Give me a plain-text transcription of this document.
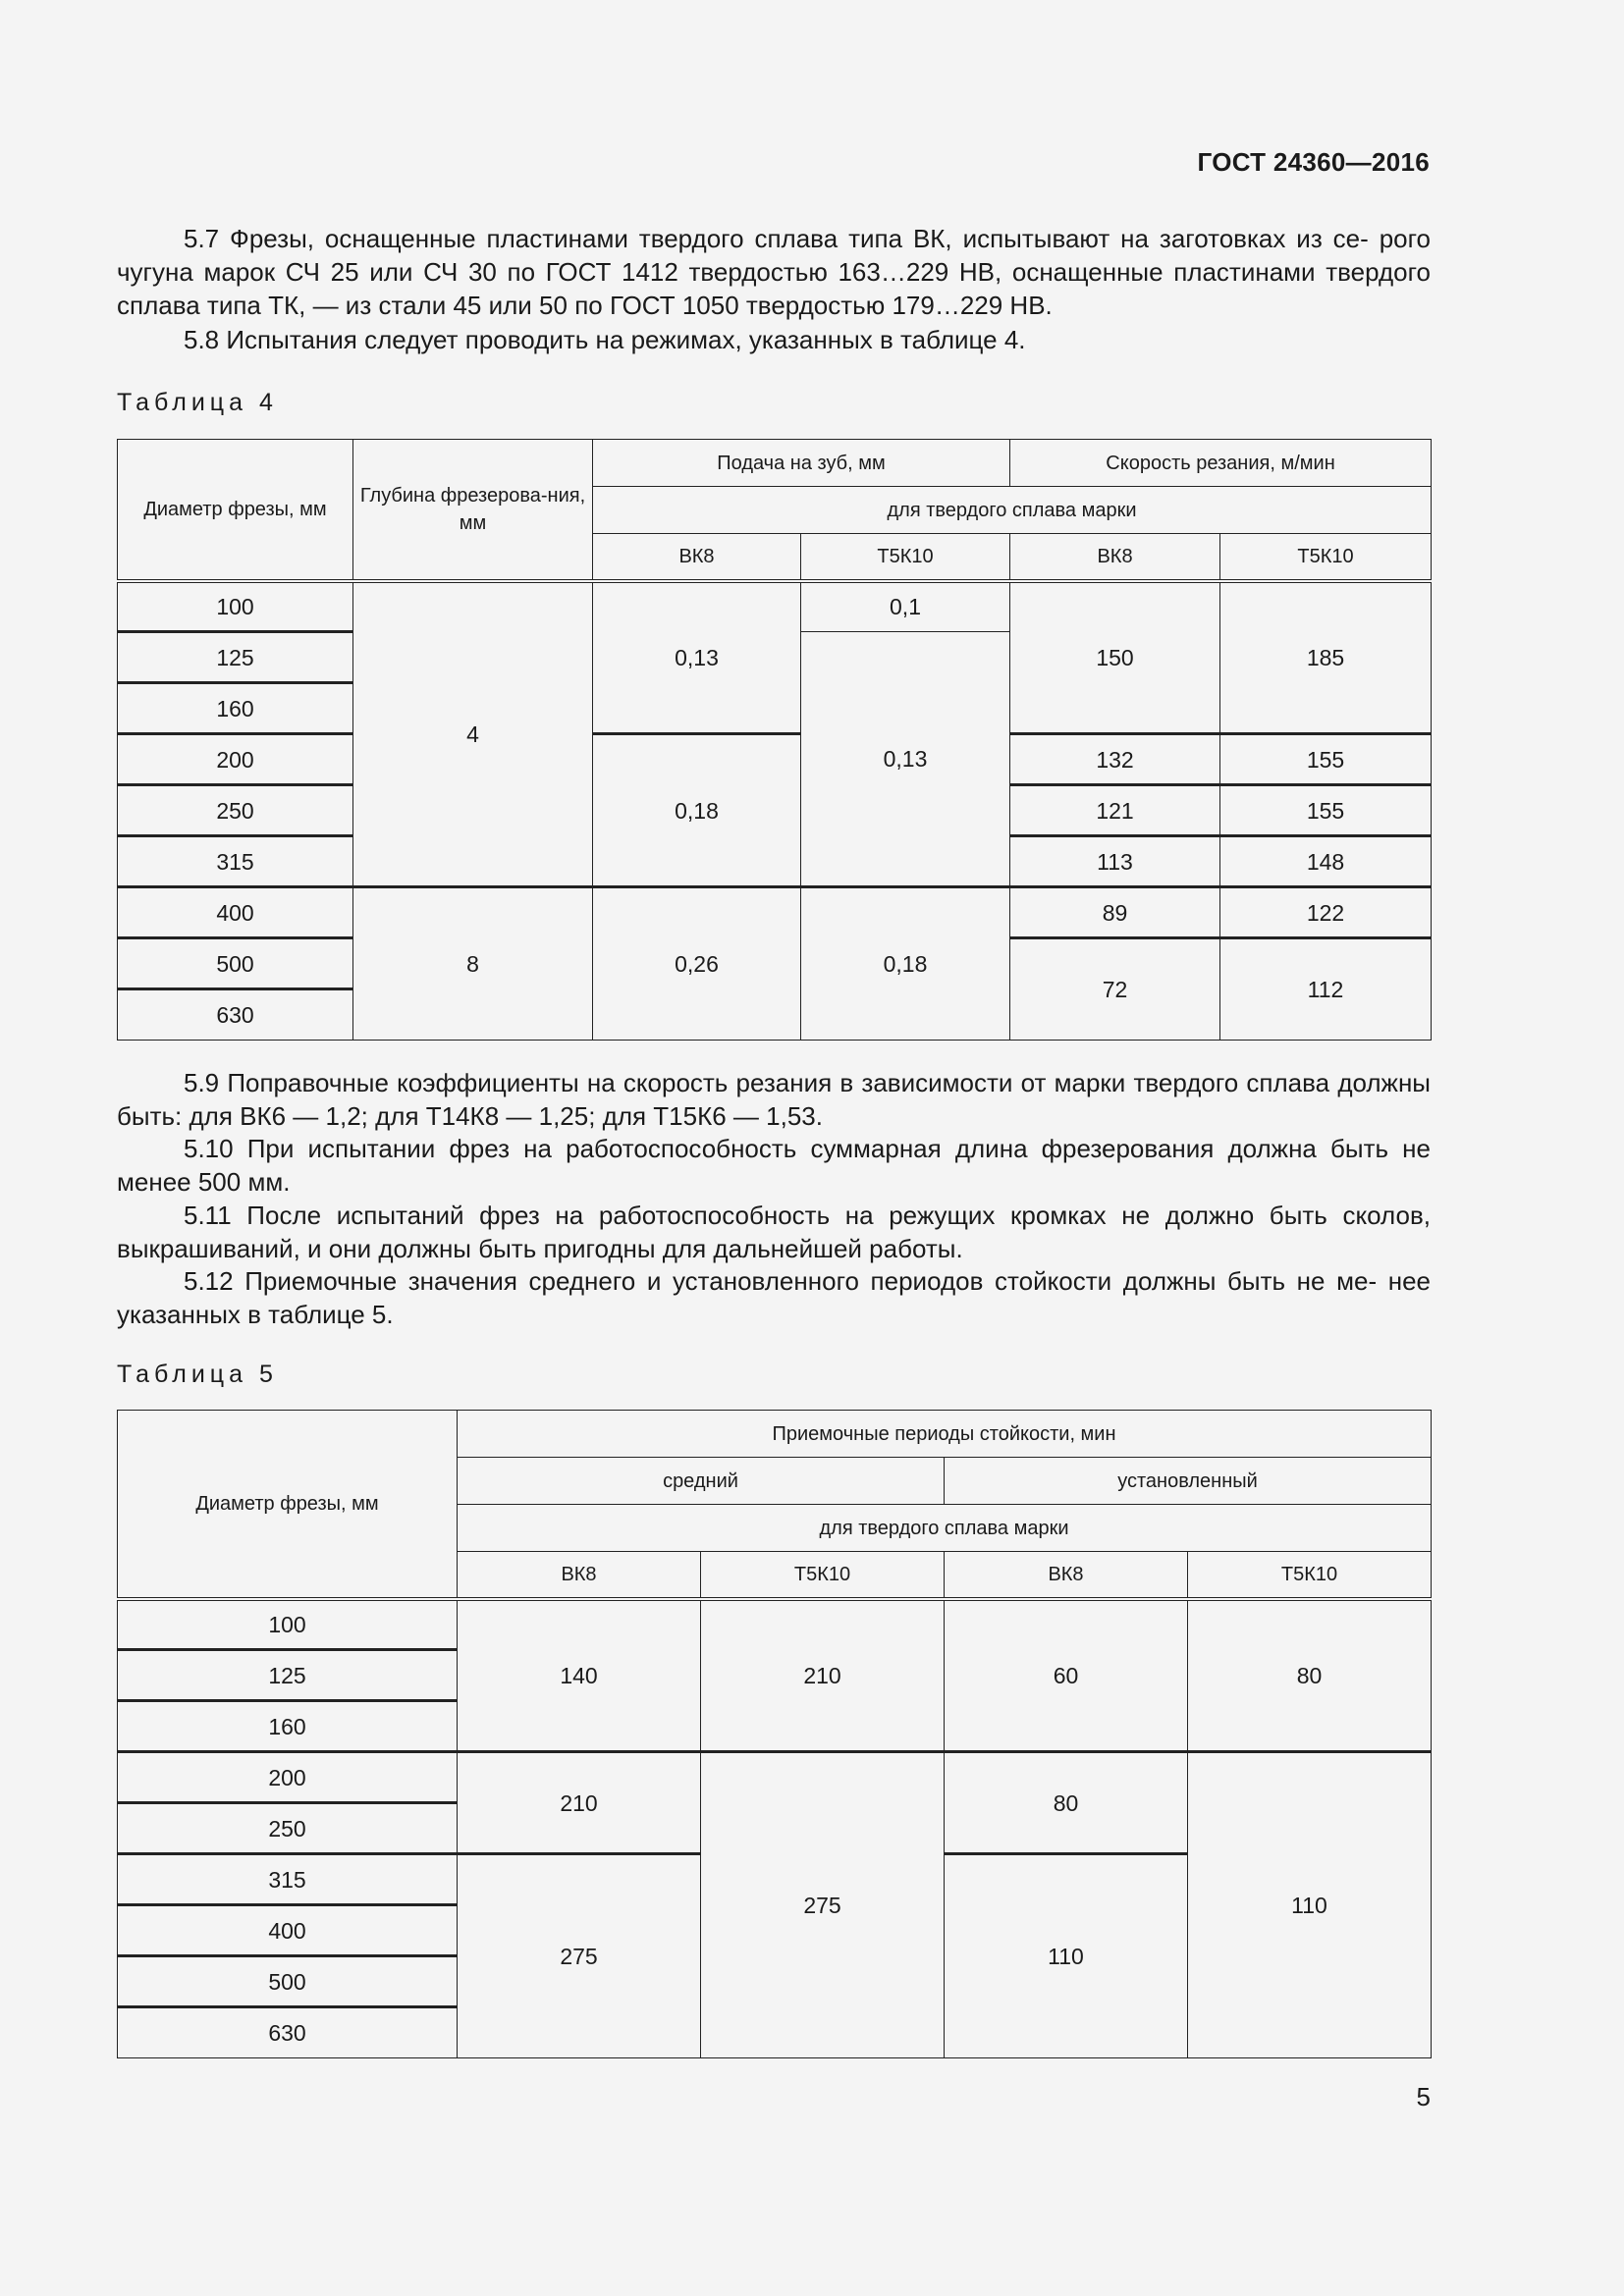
ГОСТ 24360—2016

5.7 Фрезы, оснащенные пластинами твердого сплава типа ВК, испытывают на заготовках из се- рого чугуна марок СЧ 25 или СЧ 30 по ГОСТ 1412 твердостью 163…229 НВ, оснащенные пластинами твердого сплава типа ТК, — из стали 45 или 50 по ГОСТ 1050 твердостью 179…229 НВ.

5.8 Испытания следует проводить на режимах, указанных в таблице 4.

Таблица 4
Диаметр фрезы, мм	Глубина фрезерова-ния, мм	Подача на зуб, мм		Скорость резания, м/мин	
		для твердого сплава марки			
		ВК8	Т5К10	ВК8	Т5К10
100	4	0,13	0,1	150	185
125			0,13		
160					
200		0,18		132	155
250				121	155
315				113	148
400	8	0,26	0,18	89	122
500				72	112
630					

5.9 Поправочные коэффициенты на скорость резания в зависимости от марки твердого сплава должны быть: для ВК6 — 1,2; для Т14К8 — 1,25; для Т15К6 — 1,53.

5.10 При испытании фрез на работоспособность суммарная длина фрезерования должна быть не менее 500 мм.

5.11 После испытаний фрез на работоспособность на режущих кромках не должно быть сколов, выкрашиваний, и они должны быть пригодны для дальнейшей работы.

5.12 Приемочные значения среднего и установленного периодов стойкости должны быть не ме- нее указанных в таблице 5.

Таблица 5
Диаметр фрезы, мм	Приемочные периоды стойкости, мин			
	средний		установленный	
	для твердого сплава марки			
	ВК8	Т5К10	ВК8	Т5К10
100	140	210	60	80
125				
160				
200	210	275	80	110
250				
315	275		110	
400				
500				
630				
5
